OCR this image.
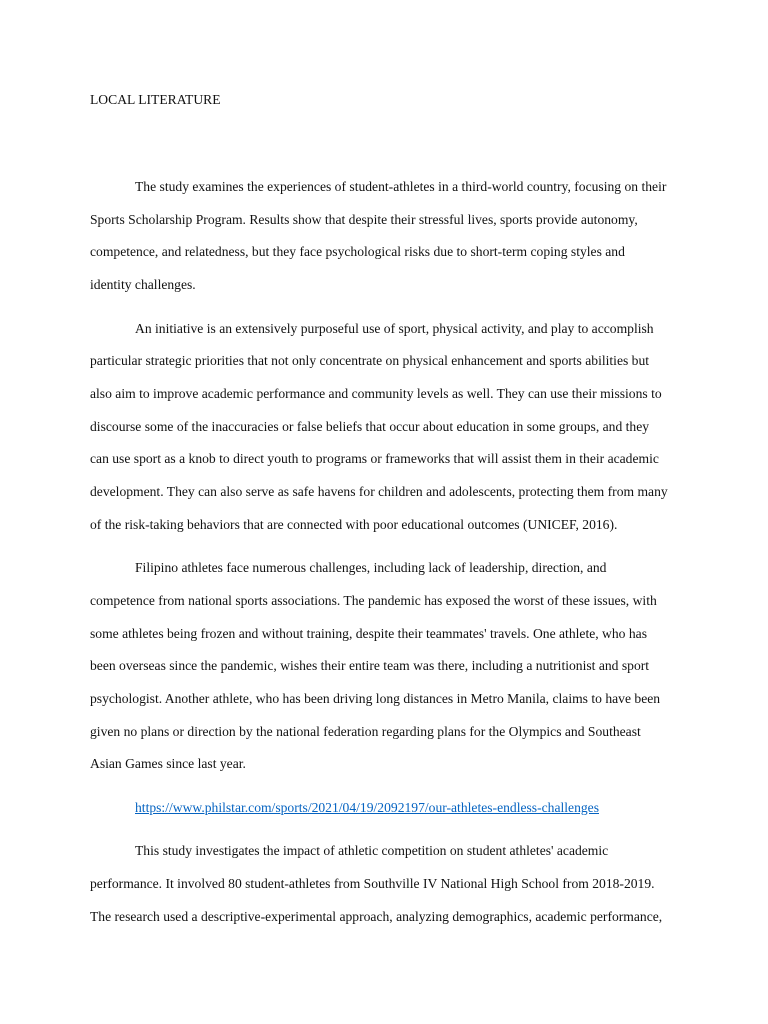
LOCAL LITERATURE
The study examines the experiences of student-athletes in a third-world country, focusing on their
Sports Scholarship Program. Results show that despite their stressful lives, sports provide autonomy,
competence, and relatedness, but they face psychological risks due to short-term coping styles and
identity challenges.
An initiative is an extensively purposeful use of sport, physical activity, and play to accomplish
particular strategic priorities that not only concentrate on physical enhancement and sports abilities but
also aim to improve academic performance and community levels as well. They can use their missions to
discourse some of the inaccuracies or false beliefs that occur about education in some groups, and they
can use sport as a knob to direct youth to programs or frameworks that will assist them in their academic
development. They can also serve as safe havens for children and adolescents, protecting them from many
of the risk-taking behaviors that are connected with poor educational outcomes (UNICEF, 2016).
Filipino athletes face numerous challenges, including lack of leadership, direction, and
competence from national sports associations. The pandemic has exposed the worst of these issues, with
some athletes being frozen and without training, despite their teammates' travels. One athlete, who has
been overseas since the pandemic, wishes their entire team was there, including a nutritionist and sport
psychologist. Another athlete, who has been driving long distances in Metro Manila, claims to have been
given no plans or direction by the national federation regarding plans for the Olympics and Southeast
Asian Games since last year.
https://www.philstar.com/sports/2021/04/19/2092197/our-athletes-endless-challenges
This study investigates the impact of athletic competition on student athletes' academic
performance. It involved 80 student-athletes from Southville IV National High School from 2018-2019.
The research used a descriptive-experimental approach, analyzing demographics, academic performance,
